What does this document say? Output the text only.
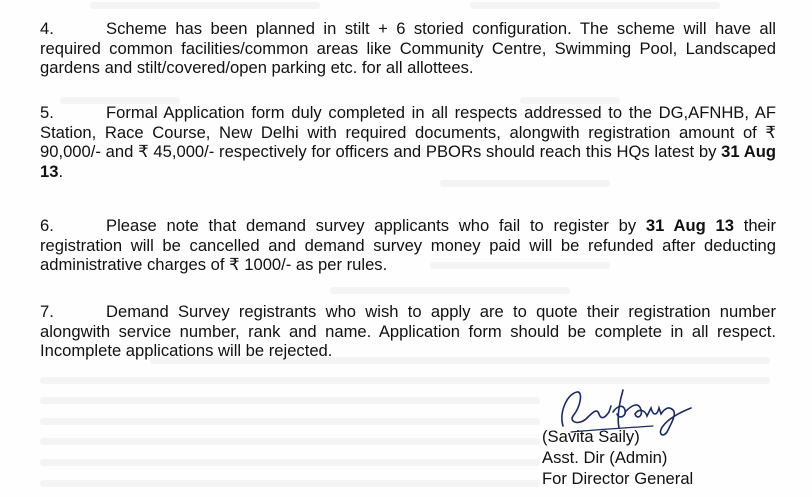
4.	Scheme has been planned in stilt + 6 storied configuration. The scheme will have all required common facilities/common areas like Community Centre, Swimming Pool, Landscaped gardens and stilt/covered/open parking etc. for all allottees.

5.	Formal Application form duly completed in all respects addressed to the DG,AFNHB, AF Station, Race Course, New Delhi with required documents, alongwith registration amount of ₹ 90,000/- and ₹ 45,000/- respectively for officers and PBORs should reach this HQs latest by 31 Aug 13.

6.	Please note that demand survey applicants who fail to register by 31 Aug 13 their registration will be cancelled and demand survey money paid will be refunded after deducting administrative charges of ₹ 1000/- as per rules.

7.	Demand Survey registrants who wish to apply are to quote their registration number alongwith service number, rank and name. Application form should be complete in all respect. Incomplete applications will be rejected.

(Savita Saily)
Asst. Dir (Admin)
For Director General
